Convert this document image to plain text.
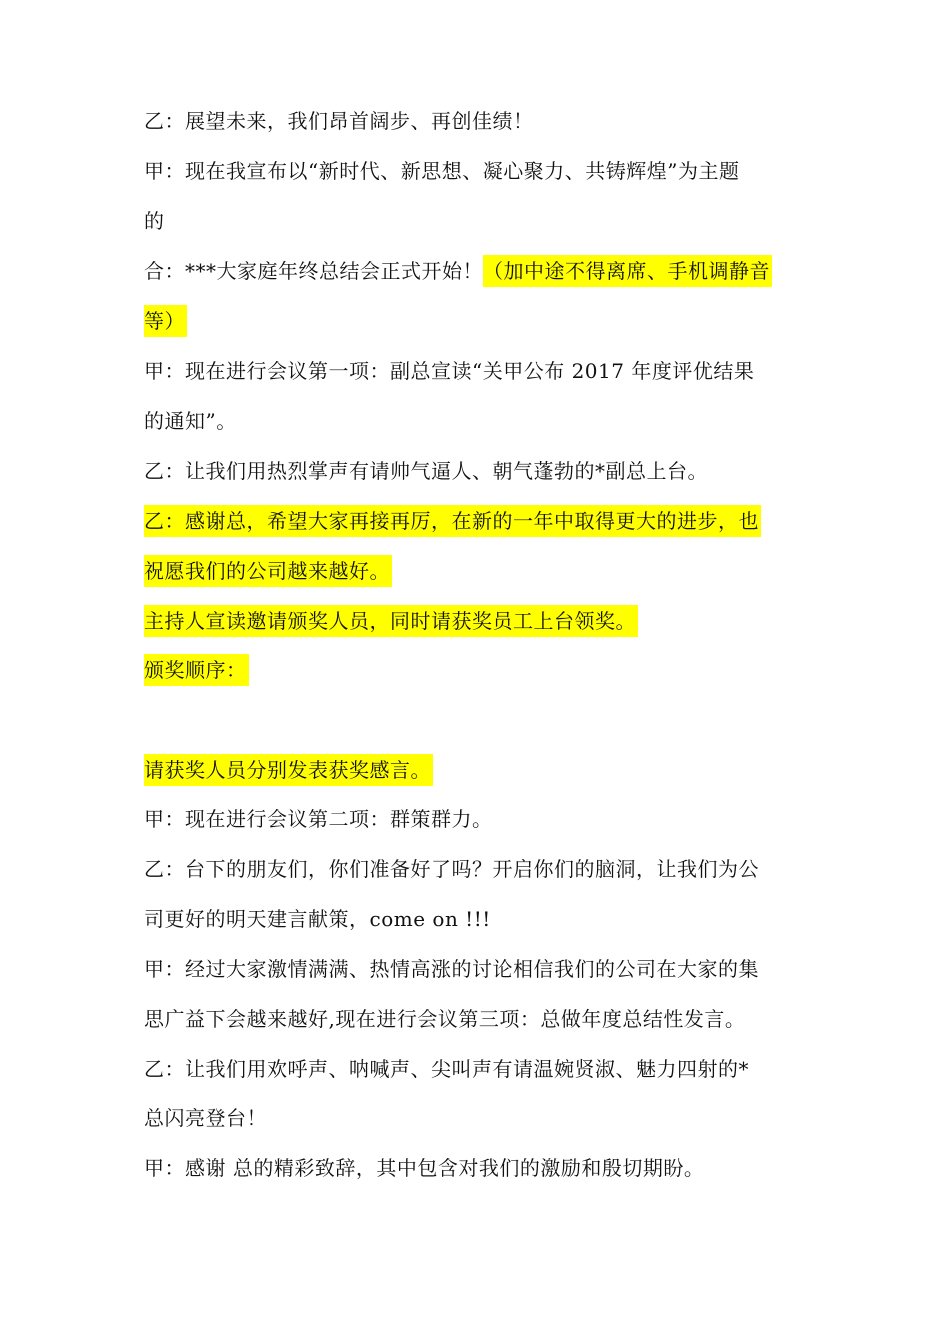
乙：展望未来，我们昂首阔步、再创佳绩！
甲：现在我宣布以“新时代、新思想、凝心聚力、共铸辉煌”为主题
的
合：***大家庭年终总结会正式开始！（加中途不得离席、手机调静音
等）
甲：现在进行会议第一项：副总宣读“关甲公布 2017 年度评优结果
的通知”。
乙：让我们用热烈掌声有请帅气逼人、朝气蓬勃的*副总上台。
乙：感谢总，希望大家再接再厉，在新的一年中取得更大的进步，也
祝愿我们的公司越来越好。
主持人宣读邀请颁奖人员，同时请获奖员工上台领奖。
颁奖顺序：
请获奖人员分别发表获奖感言。
甲：现在进行会议第二项：群策群力。
乙：台下的朋友们，你们准备好了吗？开启你们的脑洞，让我们为公
司更好的明天建言献策，come on !!!
甲：经过大家激情满满、热情高涨的讨论相信我们的公司在大家的集
思广益下会越来越好,现在进行会议第三项：总做年度总结性发言。
乙：让我们用欢呼声、呐喊声、尖叫声有请温婉贤淑、魅力四射的*
总闪亮登台！
甲：感谢 总的精彩致辞，其中包含对我们的激励和殷切期盼。
